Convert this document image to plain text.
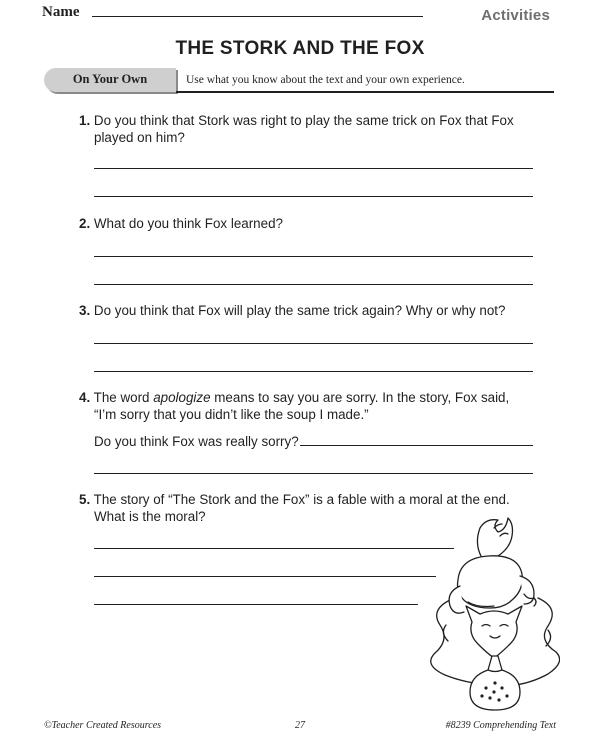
Name	Activities
THE STORK AND THE FOX
On Your Own	Use what you know about the text and your own experience.
1. Do you think that Stork was right to play the same trick on Fox that Fox
played on him?
2. What do you think Fox learned?
3. Do you think that Fox will play the same trick again? Why or why not?
4. The word apologize means to say you are sorry. In the story, Fox said,
“I’m sorry that you didn’t like the soup I made.”
Do you think Fox was really sorry?
5. The story of “The Stork and the Fox” is a fable with a moral at the end.
What is the moral?
©Teacher Created Resources	27	#8239 Comprehending Text
